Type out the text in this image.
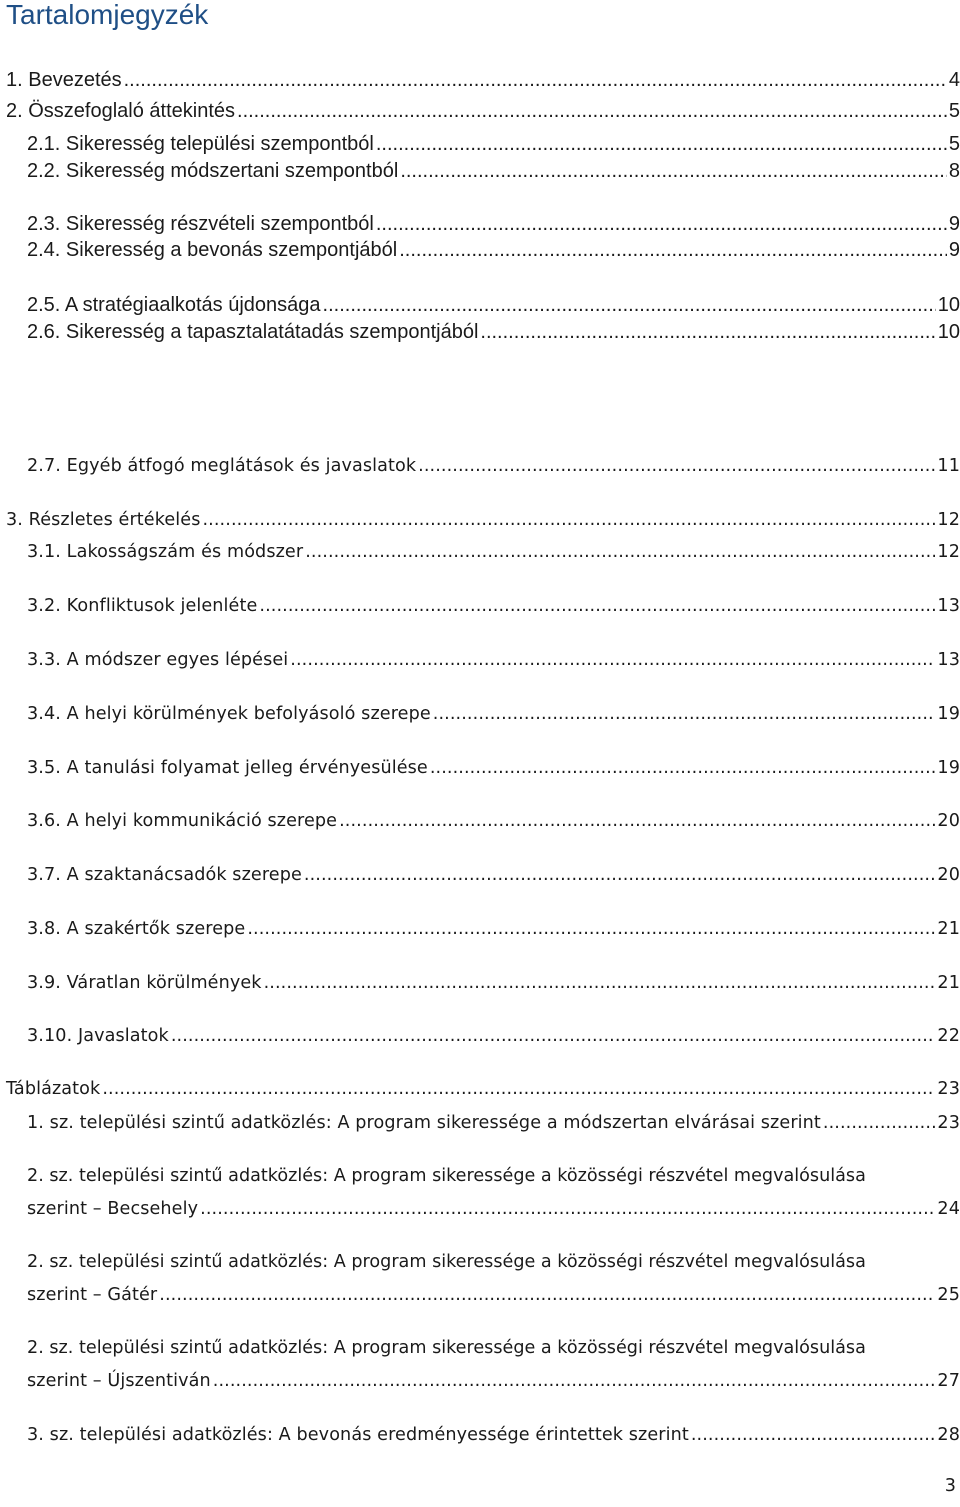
Tartalomjegyzék
1. Bevezetés .....	4
2. Összefoglaló áttekintés .....	5
2.1. Sikeresség települési szempontból .....	5
2.2. Sikeresség módszertani szempontból .....	8
2.3. Sikeresség részvételi szempontból .....	9
2.4. Sikeresség a bevonás szempontjából .....	9
2.5. A stratégiaalkotás újdonsága .....	10
2.6. Sikeresség a tapasztalatátadás szempontjából .....	10
2.7. Egyéb átfogó meglátások és javaslatok .....	11
3. Részletes értékelés .....	12
3.1. Lakosságszám és módszer .....	12
3.2. Konfliktusok jelenléte .....	13
3.3. A módszer egyes lépései .....	13
3.4. A helyi körülmények befolyásoló szerepe .....	19
3.5. A tanulási folyamat jelleg érvényesülése .....	19
3.6. A helyi kommunikáció szerepe .....	20
3.7. A szaktanácsadók szerepe .....	20
3.8. A szakértők szerepe .....	21
3.9. Váratlan körülmények .....	21
3.10. Javaslatok .....	22
Táblázatok .....	23
1. sz. települési szintű adatközlés: A program sikeressége a módszertan elvárásai szerint .....	23
2. sz. települési szintű adatközlés: A program sikeressége a közösségi részvétel megvalósulása
szerint – Becsehely .....	24
2. sz. települési szintű adatközlés: A program sikeressége a közösségi részvétel megvalósulása
szerint – Gátér .....	25
2. sz. települési szintű adatközlés: A program sikeressége a közösségi részvétel megvalósulása
szerint – Újszentiván .....	27
3. sz. települési adatközlés: A bevonás eredményessége érintettek szerint .....	28
3
